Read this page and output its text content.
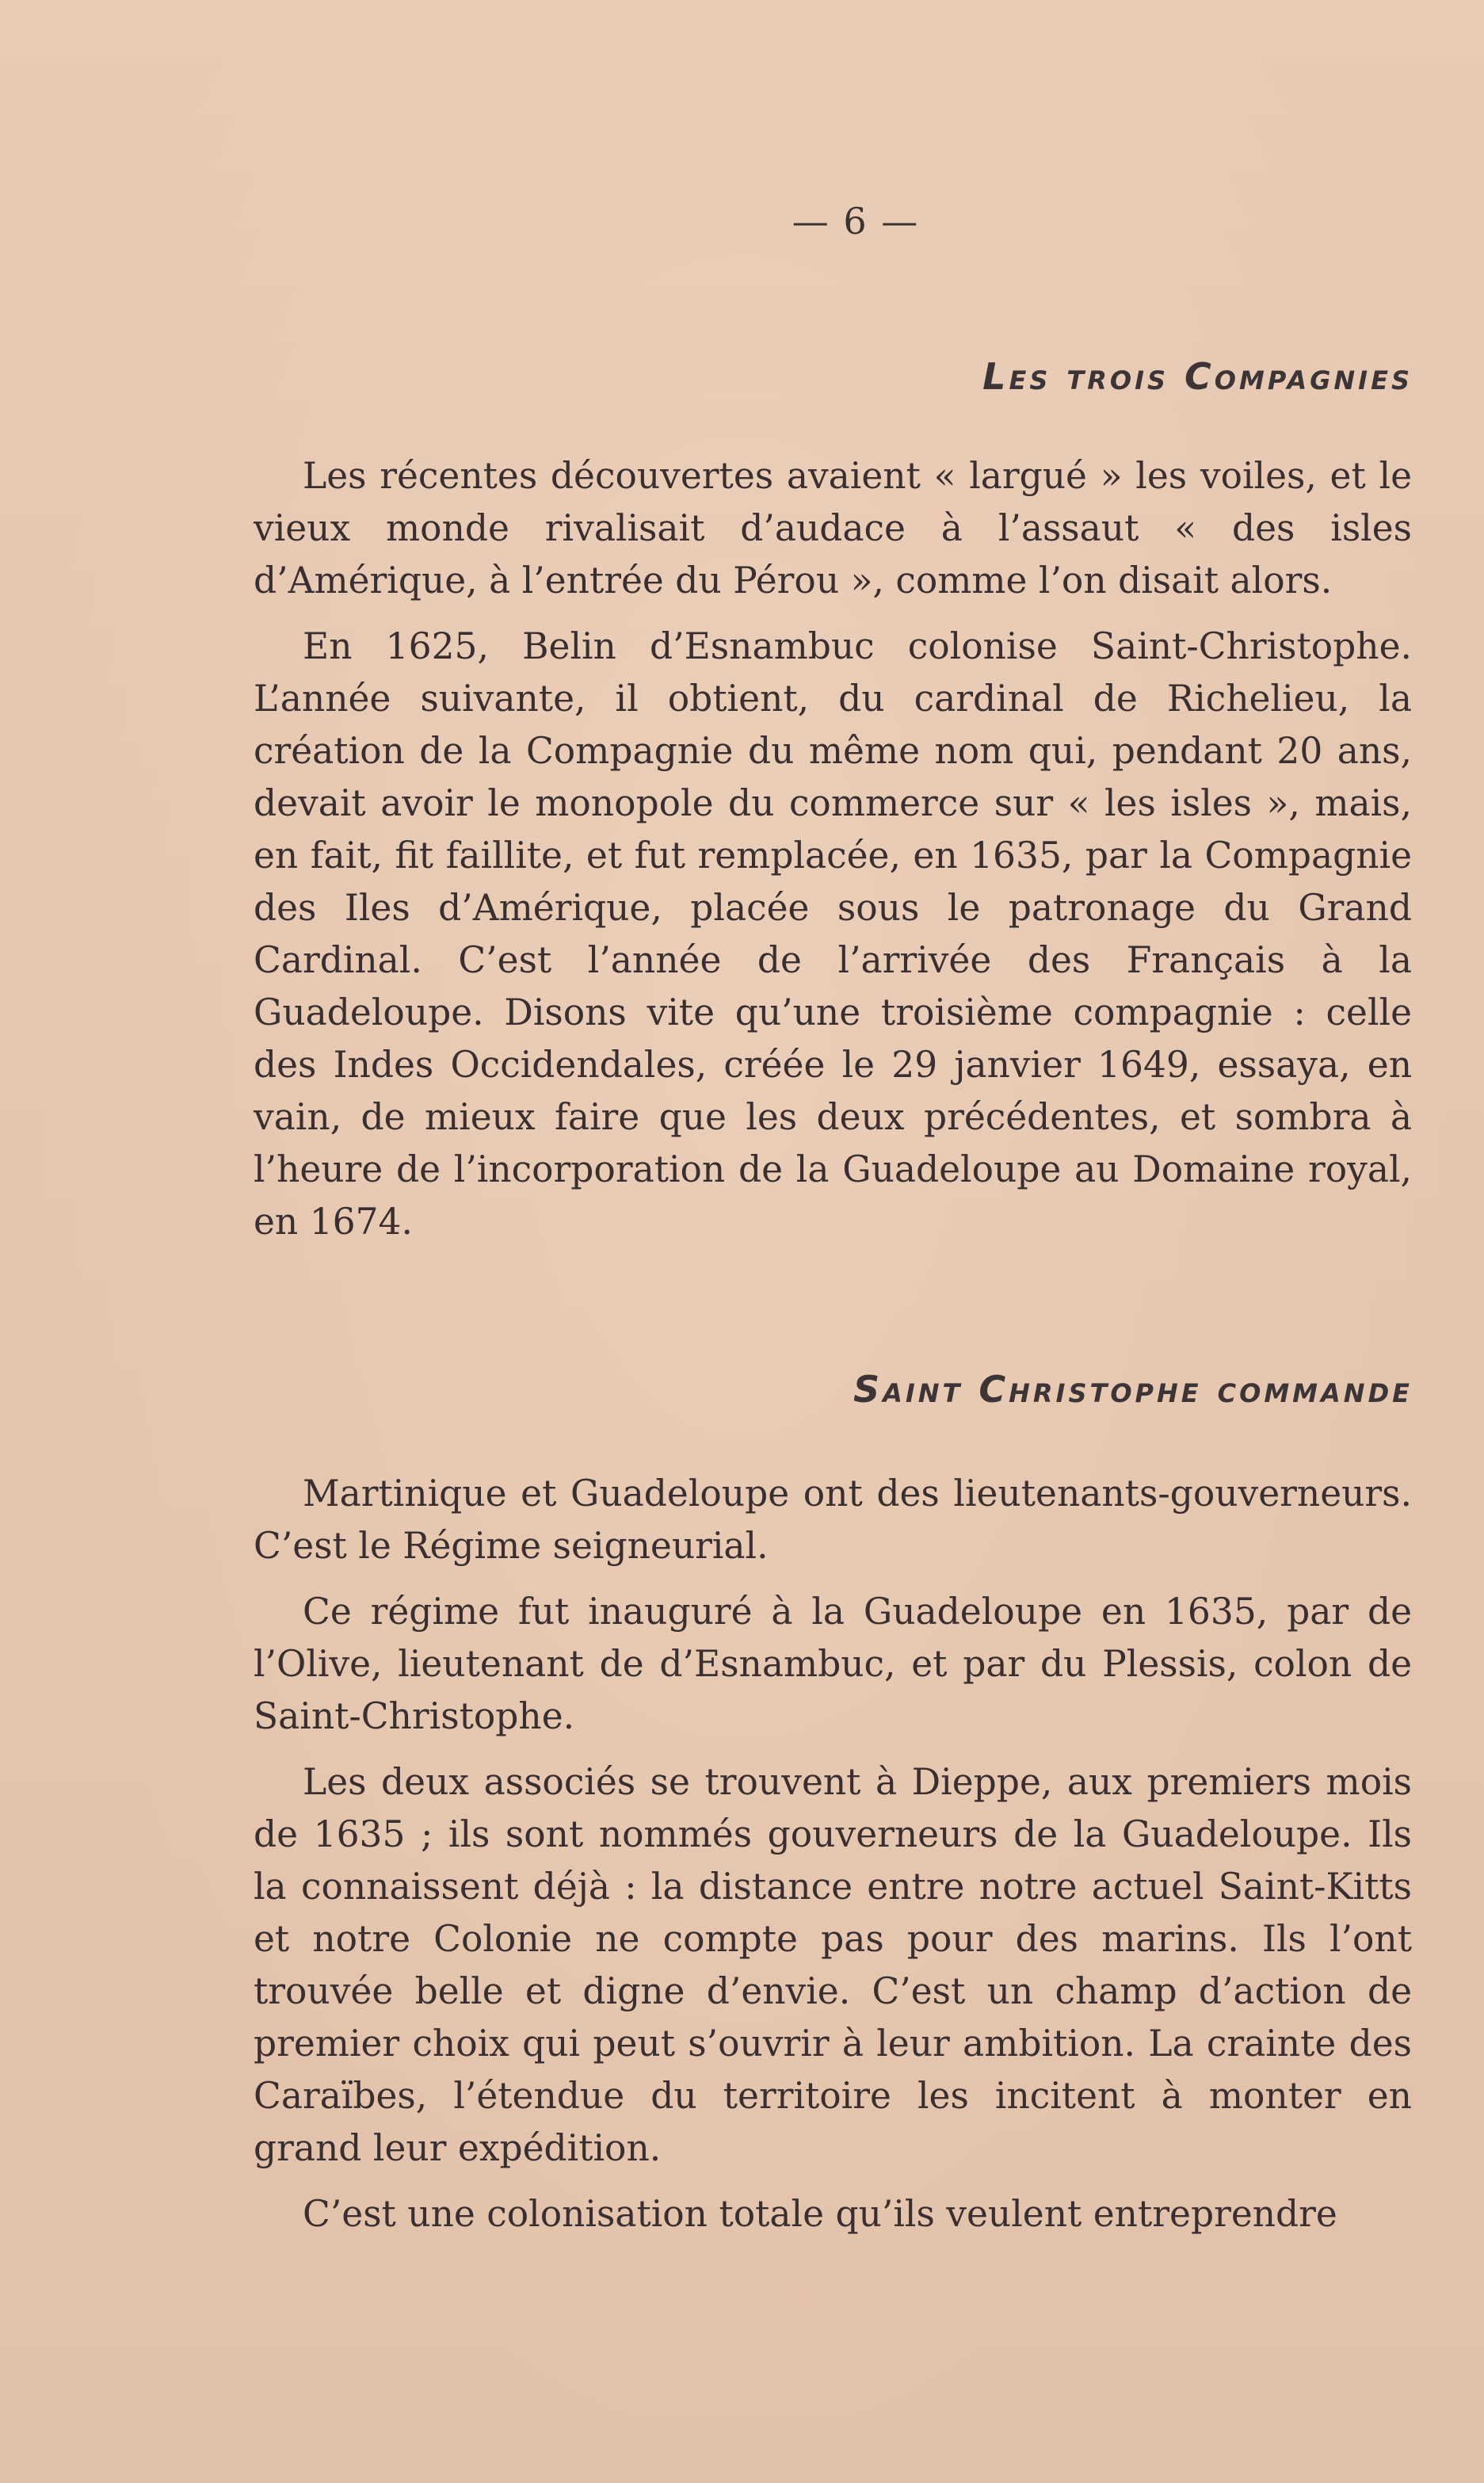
— 6 —
Les trois Compagnies

Les récentes découvertes avaient « largué » les voiles, et le vieux monde rivalisait d’audace à l’assaut « des isles d’Amérique, à l’entrée du Pérou », comme l’on disait alors.

En 1625, Belin d’Esnambuc colonise Saint-Christophe. L’année suivante, il obtient, du cardinal de Richelieu, la création de la Compagnie du même nom qui, pendant 20 ans, devait avoir le monopole du commerce sur « les isles », mais, en fait, fit faillite, et fut remplacée, en 1635, par la Compagnie des Iles d’Amérique, placée sous le patronage du Grand Cardinal. C’est l’année de l’arrivée des Français à la Guadeloupe. Disons vite qu’une troisième compagnie : celle des Indes Occidendales, créée le 29 janvier 1649, essaya, en vain, de mieux faire que les deux précédentes, et sombra à l’heure de l’incorporation de la Guadeloupe au Domaine royal, en 1674.

Saint Christophe commande

Martinique et Guadeloupe ont des lieutenants-gouverneurs. C’est le Régime seigneurial.

Ce régime fut inauguré à la Guadeloupe en 1635, par de l’Olive, lieutenant de d’Esnambuc, et par du Plessis, colon de Saint-Christophe.

Les deux associés se trouvent à Dieppe, aux premiers mois de 1635 ; ils sont nommés gouverneurs de la Guadeloupe. Ils la connaissent déjà : la distance entre notre actuel Saint-Kitts et notre Colonie ne compte pas pour des marins. Ils l’ont trouvée belle et digne d’envie. C’est un champ d’action de premier choix qui peut s’ouvrir à leur ambition. La crainte des Caraïbes, l’étendue du territoire les incitent à monter en grand leur expédition.

C’est une colonisation totale qu’ils veulent entreprendre
